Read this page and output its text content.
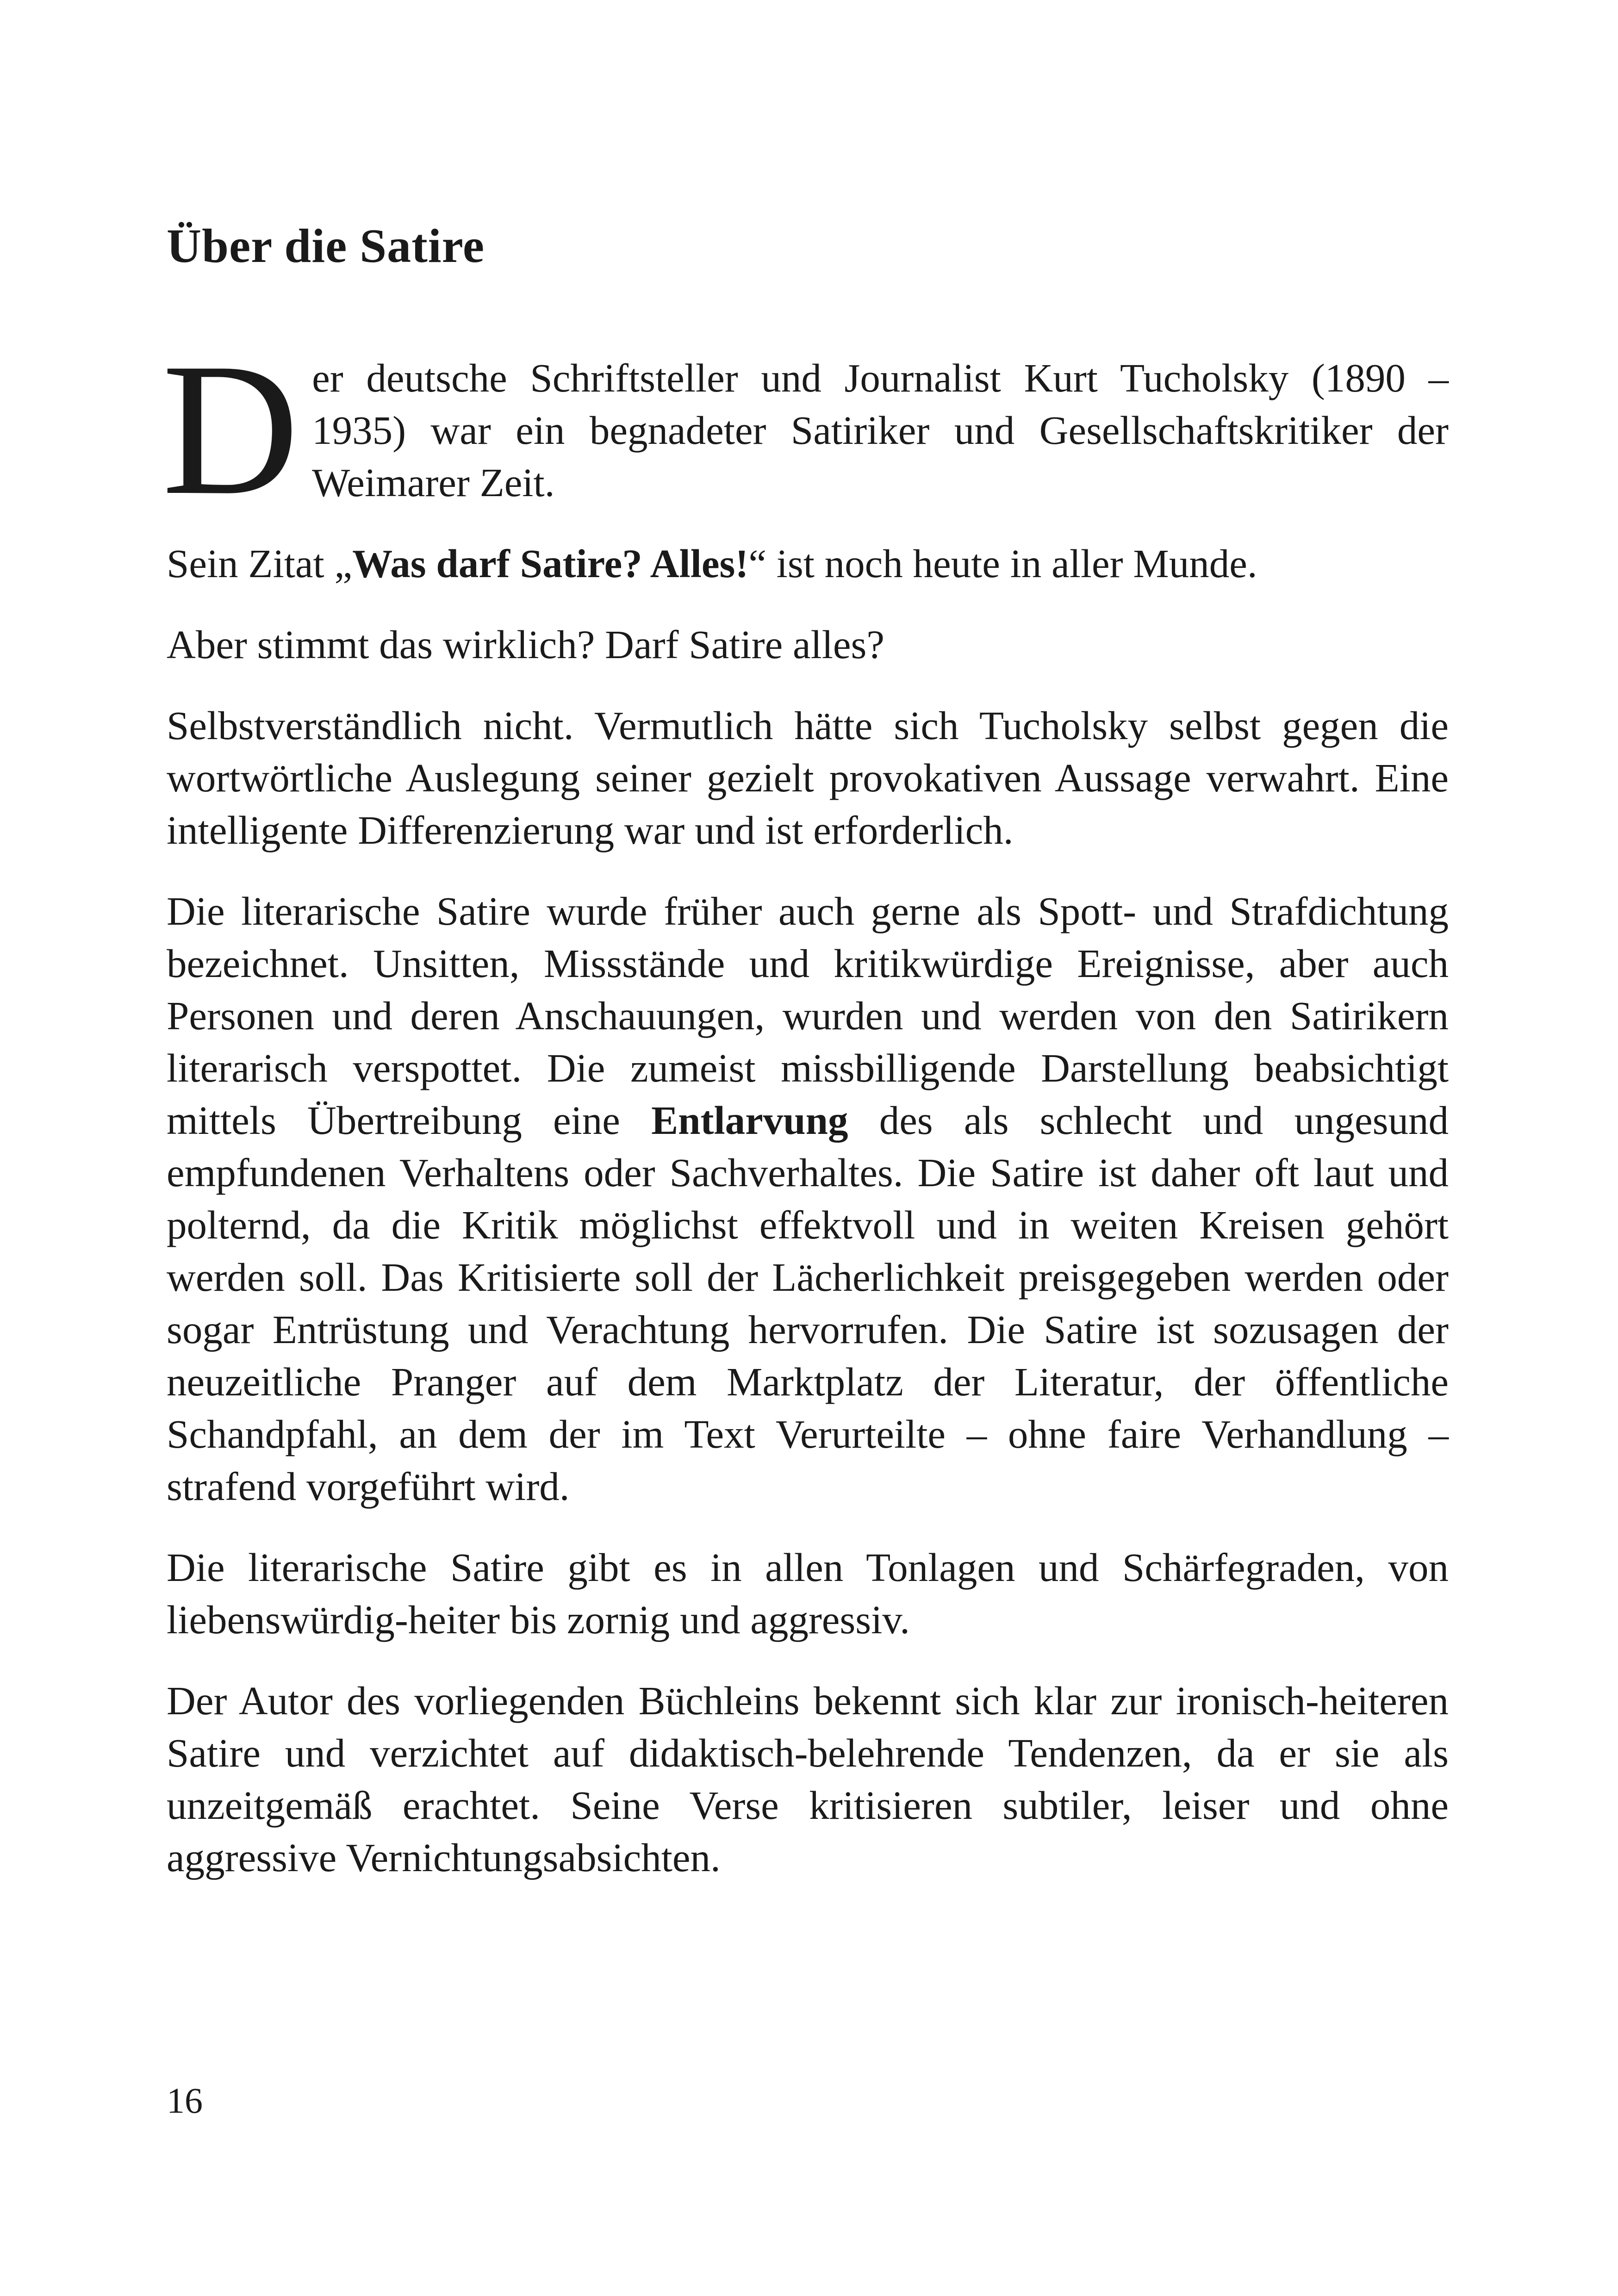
Über die Satire

Der deutsche Schriftsteller und Journalist Kurt Tucholsky (1890 – 1935) war ein begnadeter Satiriker und Gesellschaftskritiker der Weimarer Zeit.

Sein Zitat „Was darf Satire? Alles!“ ist noch heute in aller Munde.

Aber stimmt das wirklich? Darf Satire alles?

Selbstverständlich nicht. Vermutlich hätte sich Tucholsky selbst gegen die wortwörtliche Auslegung seiner gezielt provokativen Aussage verwahrt. Eine intelligente Differenzierung war und ist erforderlich.

Die literarische Satire wurde früher auch gerne als Spott- und Strafdichtung bezeichnet. Unsitten, Missstände und kritikwürdige Ereignisse, aber auch Personen und deren Anschauungen, wurden und werden von den Satirikern literarisch verspottet. Die zumeist missbilligende Darstellung beabsichtigt mittels Übertreibung eine Entlarvung des als schlecht und ungesund empfundenen Verhaltens oder Sachverhaltes. Die Satire ist daher oft laut und polternd, da die Kritik möglichst effektvoll und in weiten Kreisen gehört werden soll. Das Kritisierte soll der Lächerlichkeit preisgegeben werden oder sogar Entrüstung und Verachtung hervorrufen. Die Satire ist sozusagen der neuzeitliche Pranger auf dem Marktplatz der Literatur, der öffentliche Schandpfahl, an dem der im Text Verurteilte – ohne faire Verhandlung – strafend vorgeführt wird.

Die literarische Satire gibt es in allen Tonlagen und Schärfegraden, von liebenswürdig-heiter bis zornig und aggressiv.

Der Autor des vorliegenden Büchleins bekennt sich klar zur ironisch-heiteren Satire und verzichtet auf didaktisch-belehrende Tendenzen, da er sie als unzeitgemäß erachtet. Seine Verse kritisieren subtiler, leiser und ohne aggressive Vernichtungsabsichten.

16
